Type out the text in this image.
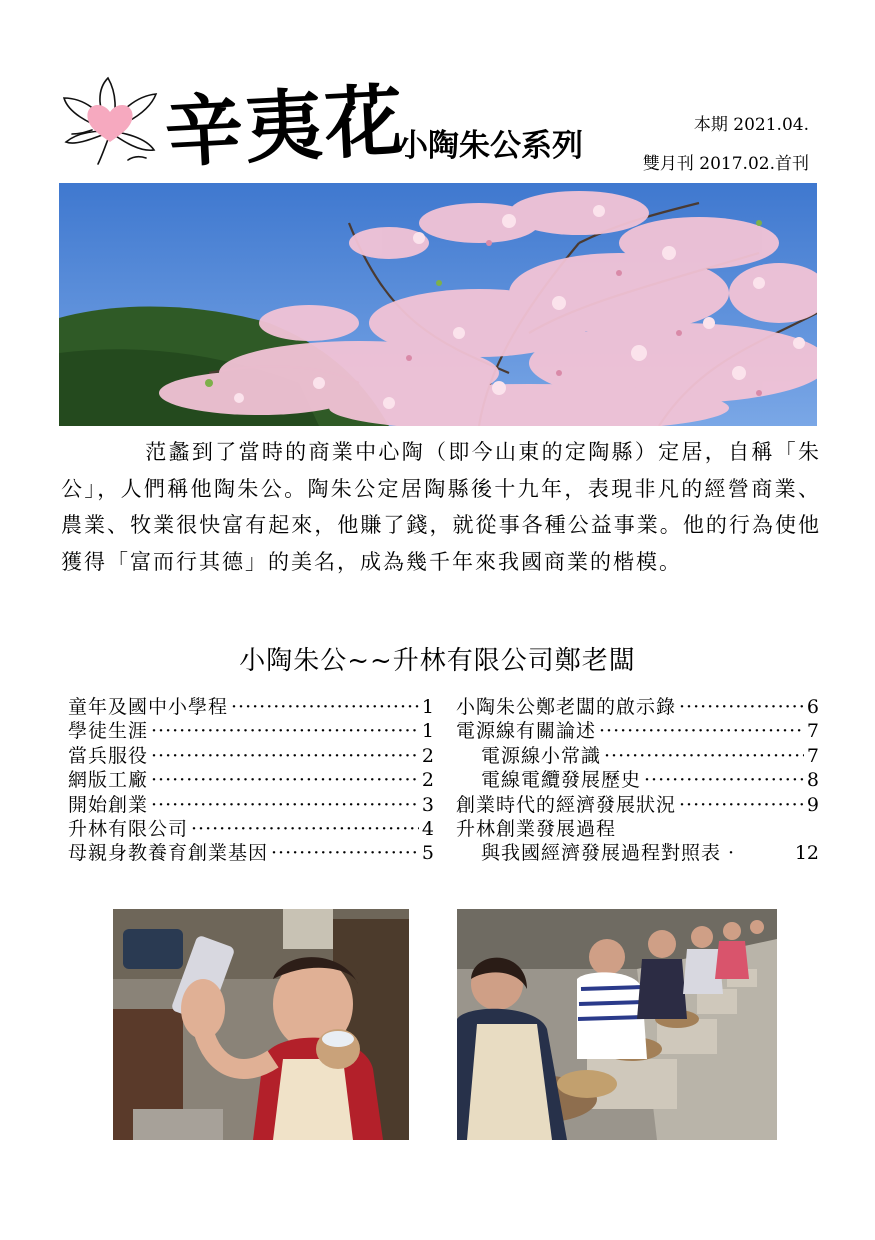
辛夷花
小陶朱公系列
本期 2021.04.
雙月刊 2017.02.首刊
范蠡到了當時的商業中心陶（即今山東的定陶縣）定居，自稱「朱公」，人們稱他陶朱公。陶朱公定居陶縣後十九年，表現非凡的經營商業、農業、牧業很快富有起來，他賺了錢，就從事各種公益事業。他的行為使他獲得「富而行其德」的美名，成為幾千年來我國商業的楷模。
小陶朱公~~升林有限公司鄭老闆
童年及國中小學程 ·····	1
學徒生涯 ·····	1
當兵服役 ·····	2
網版工廠 ·····	2
開始創業 ·····	3
升林有限公司 ·····	4
母親身教養育創業基因 ·····	5
小陶朱公鄭老闆的啟示錄 ·····	6
電源線有關論述 ·····	7
電源線小常識 ·····	7
電線電纜發展歷史 ·····	8
創業時代的經濟發展狀況 ·····	9
升林創業發展過程
與我國經濟發展過程對照表 ·	12
